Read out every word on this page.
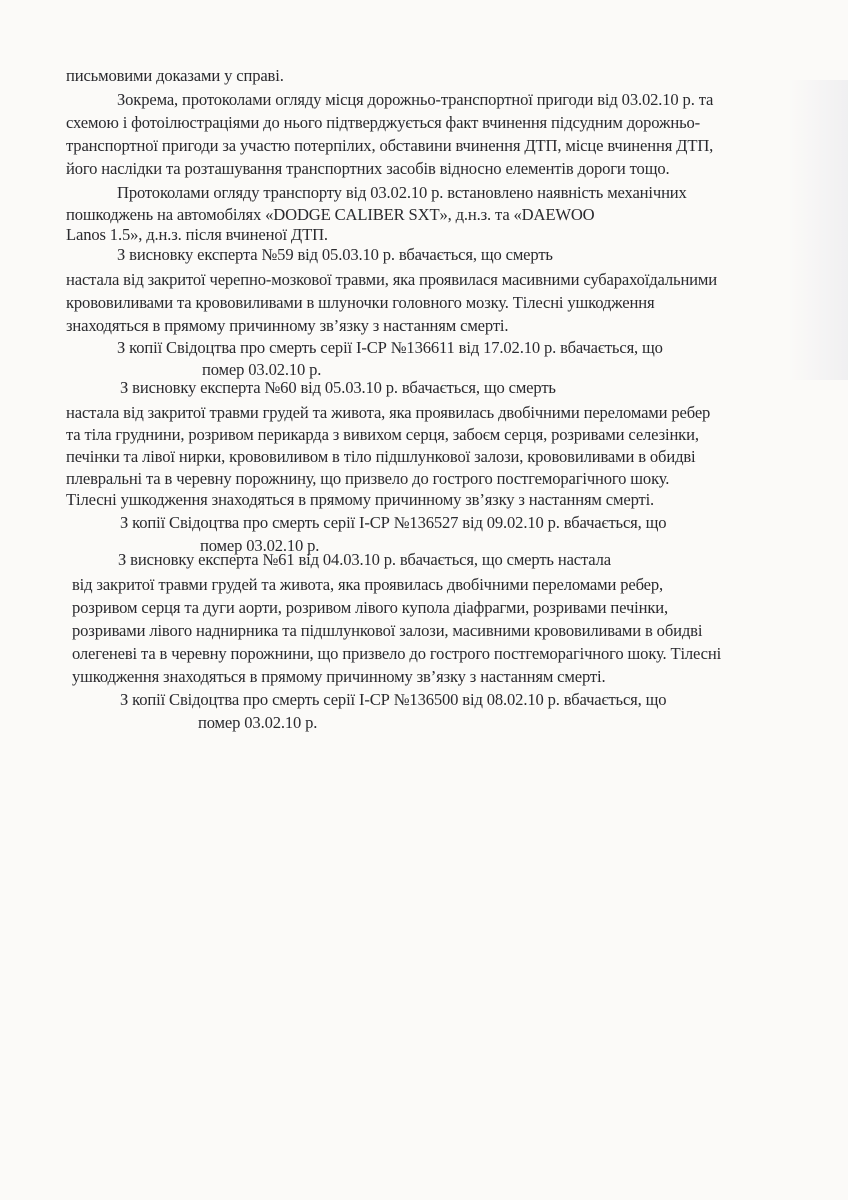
письмовими доказами у справі.
Зокрема, протоколами огляду місця дорожньо-транспортної пригоди від 03.02.10 р. та
схемою і фотоілюстраціями до нього підтверджується факт вчинення підсудним дорожньо-
транспортної пригоди за участю потерпілих, обставини вчинення ДТП, місце вчинення ДТП,
його наслідки та розташування транспортних засобів відносно елементів дороги тощо.
Протоколами огляду транспорту від 03.02.10 р. встановлено наявність механічних
пошкоджень на автомобілях «DODGE CALIBER SXT», д.н.з. та «DAEWOO
Lanos 1.5», д.н.з. після вчиненої ДТП.
З висновку експерта №59 від 05.03.10 р. вбачається, що смерть
настала від закритої черепно-мозкової травми, яка проявилася масивними субарахоїдальними
крововиливами та крововиливами в шлуночки головного мозку. Тілесні ушкодження
знаходяться в прямому причинному зв’язку з настанням смерті.
З копії Свідоцтва про смерть серії І-СР №136611 від 17.02.10 р. вбачається, що
помер 03.02.10 р.
З висновку експерта №60 від 05.03.10 р. вбачається, що смерть
настала від закритої травми грудей та живота, яка проявилась двобічними переломами ребер
та тіла груднини, розривом перикарда з вивихом серця, забоєм серця, розривами селезінки,
печінки та лівої нирки, крововиливом в тіло підшлункової залози, крововиливами в обидві
плевральні та в черевну порожнину, що призвело до гострого постгеморагічного шоку.
Тілесні ушкодження знаходяться в прямому причинному зв’язку з настанням смерті.
З копії Свідоцтва про смерть серії І-СР №136527 від 09.02.10 р. вбачається, що
помер 03.02.10 р.
З висновку експерта №61 від 04.03.10 р. вбачається, що смерть настала
від закритої травми грудей та живота, яка проявилась двобічними переломами ребер,
розривом серця та дуги аорти, розривом лівого купола діафрагми, розривами печінки,
розривами лівого наднирника та підшлункової залози, масивними крововиливами в обидві
олегеневі та в черевну порожнини, що призвело до гострого постгеморагічного шоку. Тілесні
ушкодження знаходяться в прямому причинному зв’язку з настанням смерті.
З копії Свідоцтва про смерть серії І-СР №136500 від 08.02.10 р. вбачається, що
помер 03.02.10 р.
